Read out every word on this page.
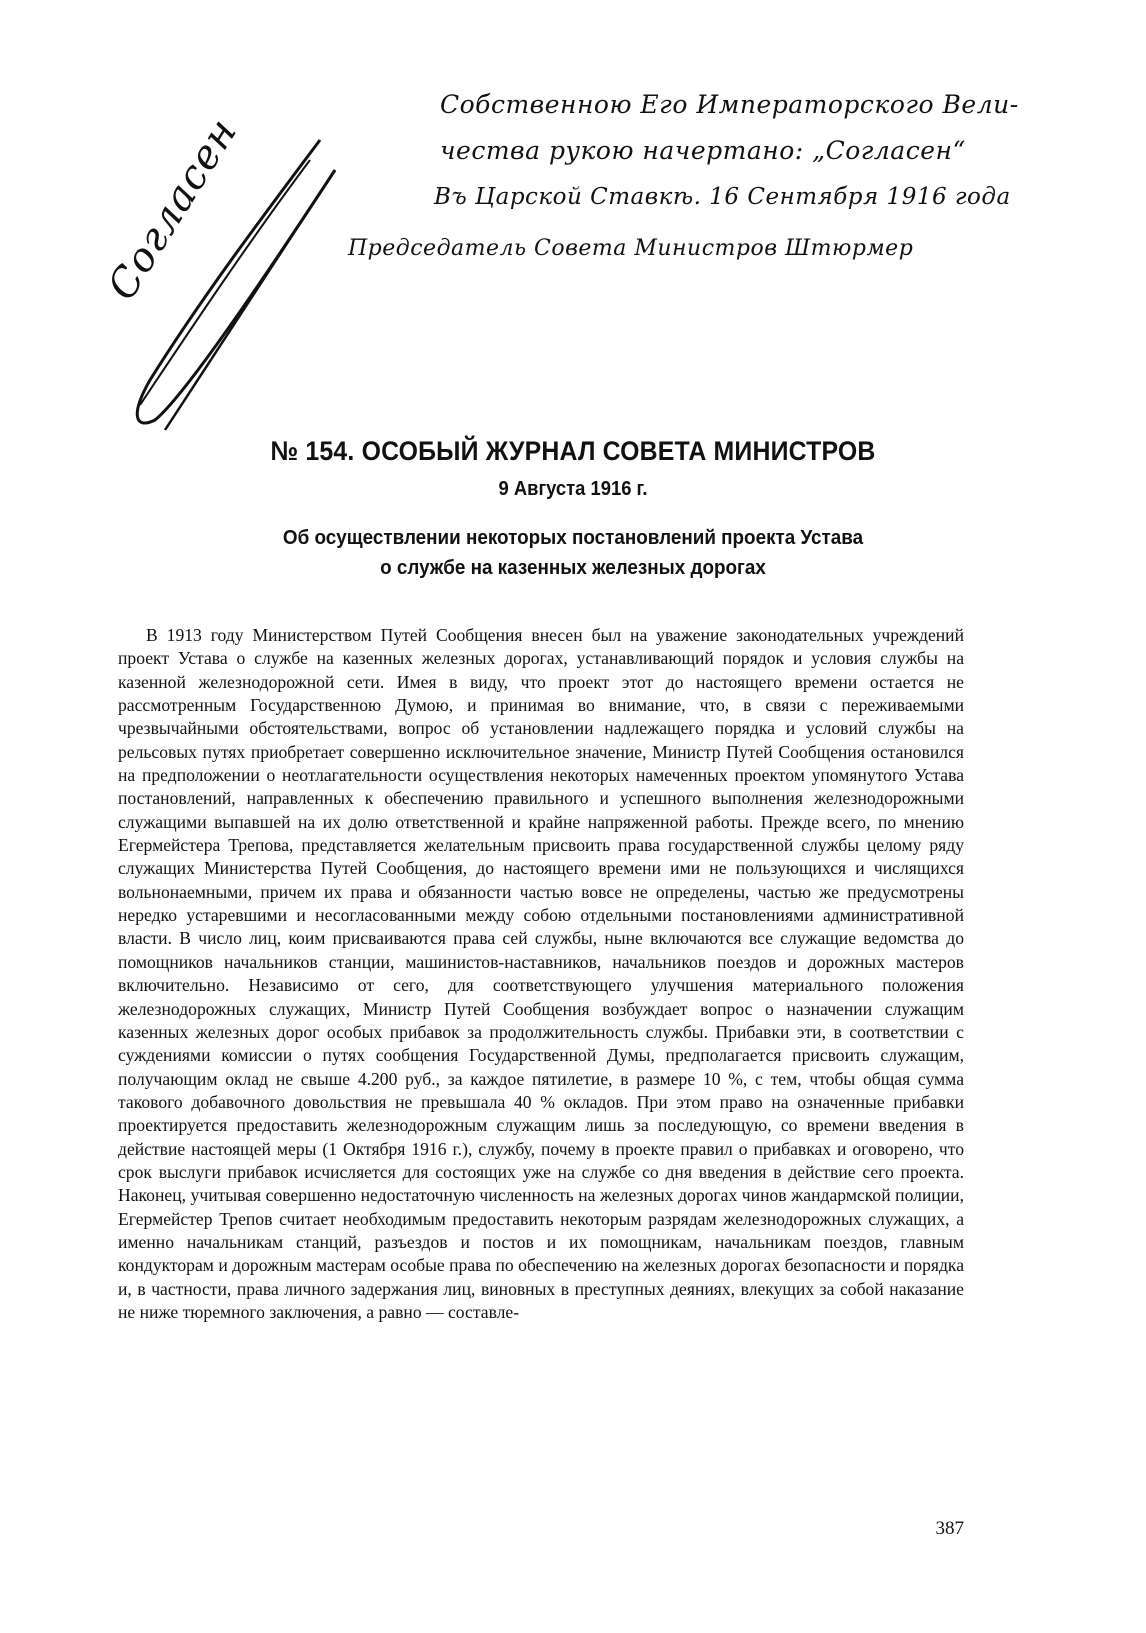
Согласен
Собственною Его Императорского Вели-
чества рукою начертано: „Согласен“
Въ Царской Ставкѣ. 16 Сентября 1916 года
Председатель Совета Министров Штюрмер
№ 154. ОСОБЫЙ ЖУРНАЛ СОВЕТА МИНИСТРОВ
9 Августа 1916 г.
Об осуществлении некоторых постановлений проекта Устава
о службе на казенных железных дорогах

В 1913 году Министерством Путей Сообщения внесен был на уважение законодательных учреждений проект Устава о службе на казенных железных дорогах, устанавливающий порядок и условия службы на казенной железнодорожной сети. Имея в виду, что проект этот до настоящего времени остается не рассмотренным Государственною Думою, и принимая во внимание, что, в связи с переживаемыми чрезвычайными обстоятельствами, вопрос об установлении надлежащего порядка и условий службы на рельсовых путях приобретает совершенно исключительное значение, Министр Путей Сообщения остановился на предположении о неотлагательности осуществления некоторых намеченных проектом упомянутого Устава постановлений, направленных к обеспечению правильного и успешного выполнения железнодорожными служащими выпавшей на их долю ответственной и крайне напряженной работы. Прежде всего, по мнению Егермейстера Трепова, представляется желательным присвоить права государственной службы целому ряду служащих Министерства Путей Сообщения, до настоящего времени ими не пользующихся и числящихся вольнонаемными, причем их права и обязанности частью вовсе не определены, частью же предусмотрены нередко устаревшими и несогласованными между собою отдельными постановлениями административной власти. В число лиц, коим присваиваются права сей службы, ныне включаются все служащие ведомства до помощников начальников станции, машинистов-наставников, начальников поездов и дорожных мастеров включительно. Независимо от сего, для соответствующего улучшения материального положения железнодорожных служащих, Министр Путей Сообщения возбуждает вопрос о назначении служащим казенных железных дорог особых прибавок за продолжительность службы. Прибавки эти, в соответствии с суждениями комиссии о путях сообщения Государственной Думы, предполагается присвоить служащим, получающим оклад не свыше 4.200 руб., за каждое пятилетие, в размере 10 %, с тем, чтобы общая сумма такового добавочного довольствия не превышала 40 % окладов. При этом право на означенные прибавки проектируется предоставить железнодорожным служащим лишь за последующую, со времени введения в действие настоящей меры (1 Октября 1916 г.), службу, почему в проекте правил о прибавках и оговорено, что срок выслуги прибавок исчисляется для состоящих уже на службе со дня введения в действие сего проекта. Наконец, учитывая совершенно недостаточную численность на железных дорогах чинов жандармской полиции, Егермейстер Трепов считает необходимым предоставить некоторым разрядам железнодорожных служащих, а именно начальникам станций, разъездов и постов и их помощникам, начальникам поездов, главным кондукторам и дорожным мастерам особые права по обеспечению на железных дорогах безопасности и порядка и, в частности, права личного задержания лиц, виновных в преступных деяниях, влекущих за собой наказание не ниже тюремного заключения, а равно — составле-

387
